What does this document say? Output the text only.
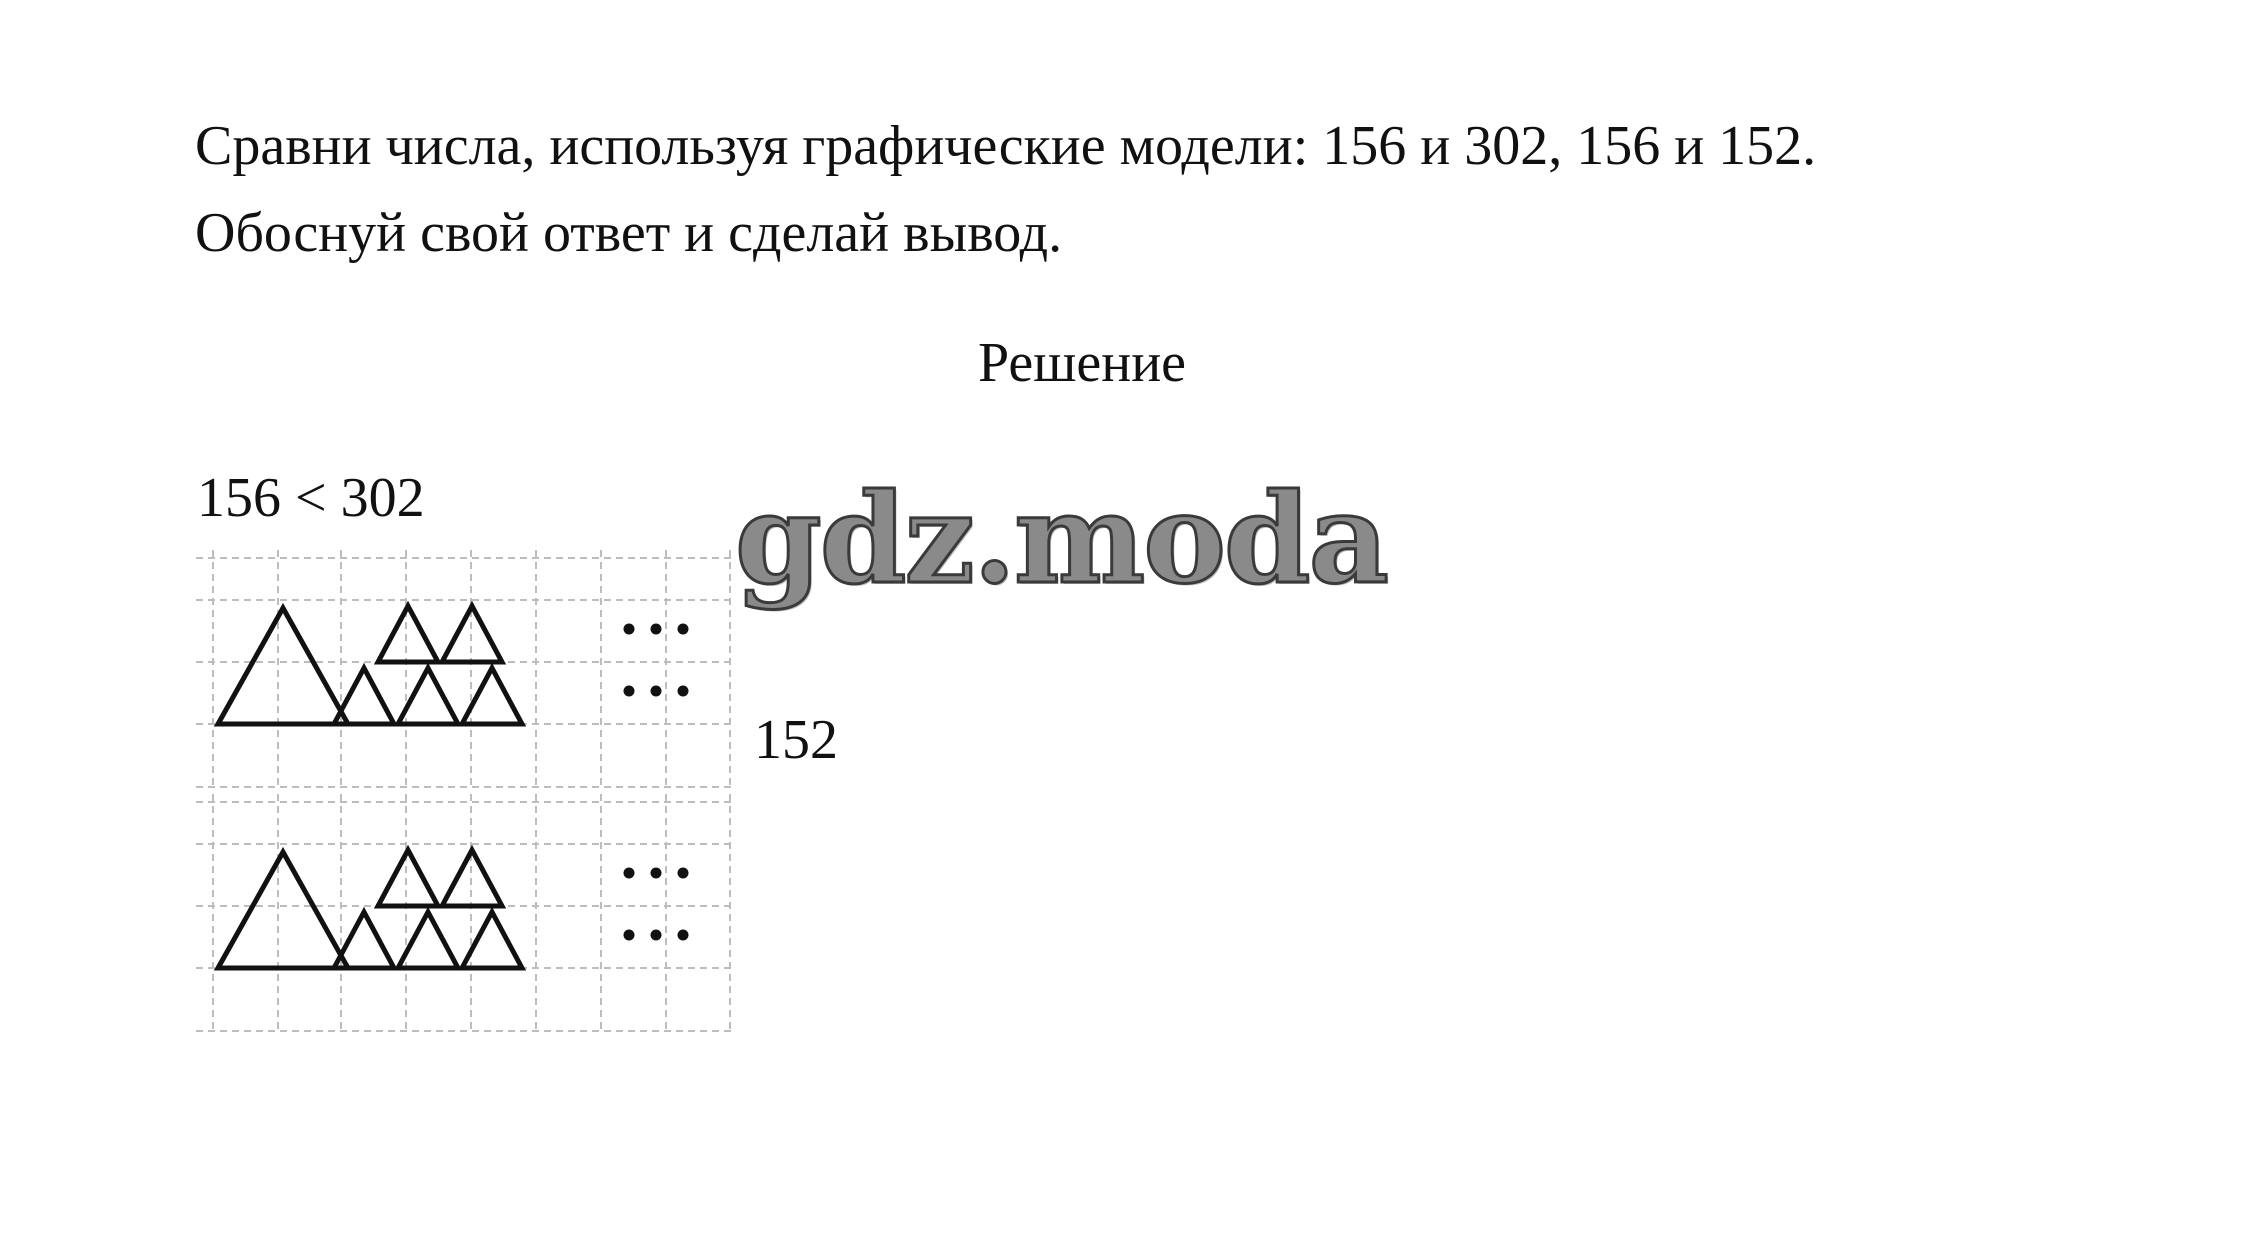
Сравни числа, используя графические модели: 156 и 302, 156 и 152.
Обоснуй свой ответ и сделай вывод.
Решение
156 < 302
152
gdz.moda
